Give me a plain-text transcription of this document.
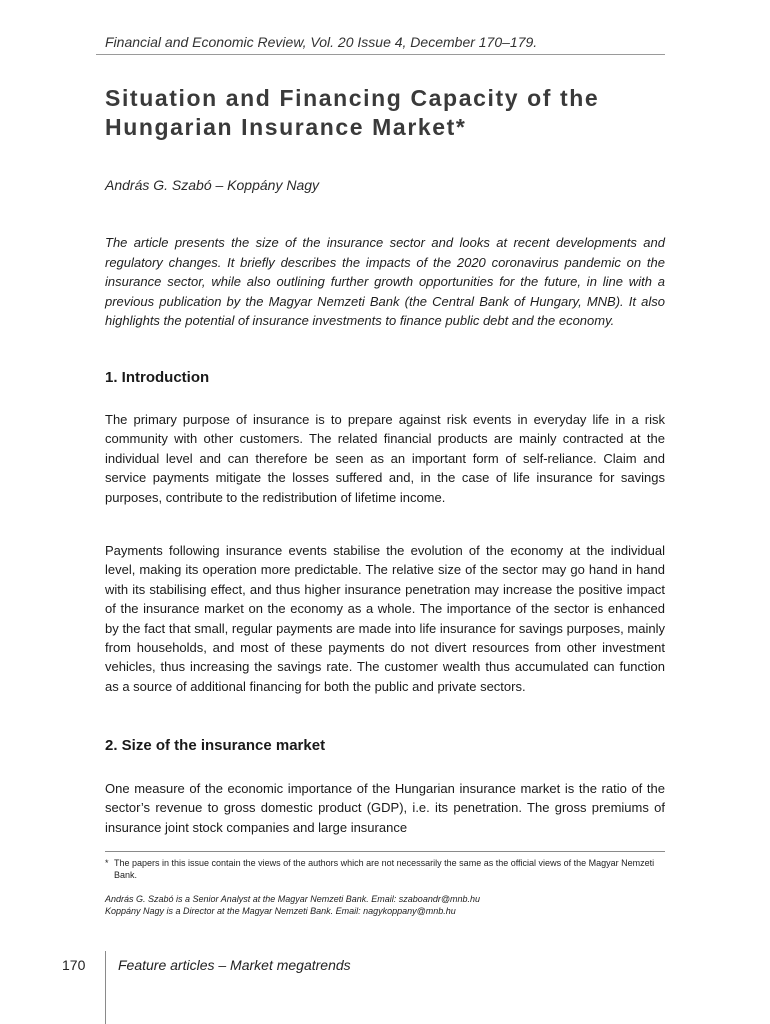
Financial and Economic Review, Vol. 20 Issue 4, December 170–179.
Situation and Financing Capacity of the Hungarian Insurance Market*
András G. Szabó – Koppány Nagy

The article presents the size of the insurance sector and looks at recent developments and regulatory changes. It briefly describes the impacts of the 2020 coronavirus pandemic on the insurance sector, while also outlining further growth opportunities for the future, in line with a previous publication by the Magyar Nemzeti Bank (the Central Bank of Hungary, MNB). It also highlights the potential of insurance investments to finance public debt and the economy.

1. Introduction

The primary purpose of insurance is to prepare against risk events in everyday life in a risk community with other customers. The related financial products are mainly contracted at the individual level and can therefore be seen as an important form of self-reliance. Claim and service payments mitigate the losses suffered and, in the case of life insurance for savings purposes, contribute to the redistribution of lifetime income.

Payments following insurance events stabilise the evolution of the economy at the individual level, making its operation more predictable. The relative size of the sector may go hand in hand with its stabilising effect, and thus higher insurance penetration may increase the positive impact of the insurance market on the economy as a whole. The importance of the sector is enhanced by the fact that small, regular payments are made into life insurance for savings purposes, mainly from households, and most of these payments do not divert resources from other investment vehicles, thus increasing the savings rate. The customer wealth thus accumulated can function as a source of additional financing for both the public and private sectors.

2. Size of the insurance market

One measure of the economic importance of the Hungarian insurance market is the ratio of the sector’s revenue to gross domestic product (GDP), i.e. its penetration. The gross premiums of insurance joint stock companies and large insurance

* The papers in this issue contain the views of the authors which are not necessarily the same as the official views of the Magyar Nemzeti Bank.

András G. Szabó is a Senior Analyst at the Magyar Nemzeti Bank. Email: szaboandr@mnb.hu

Koppány Nagy is a Director at the Magyar Nemzeti Bank. Email: nagykoppany@mnb.hu

170 Feature articles – Market megatrends
